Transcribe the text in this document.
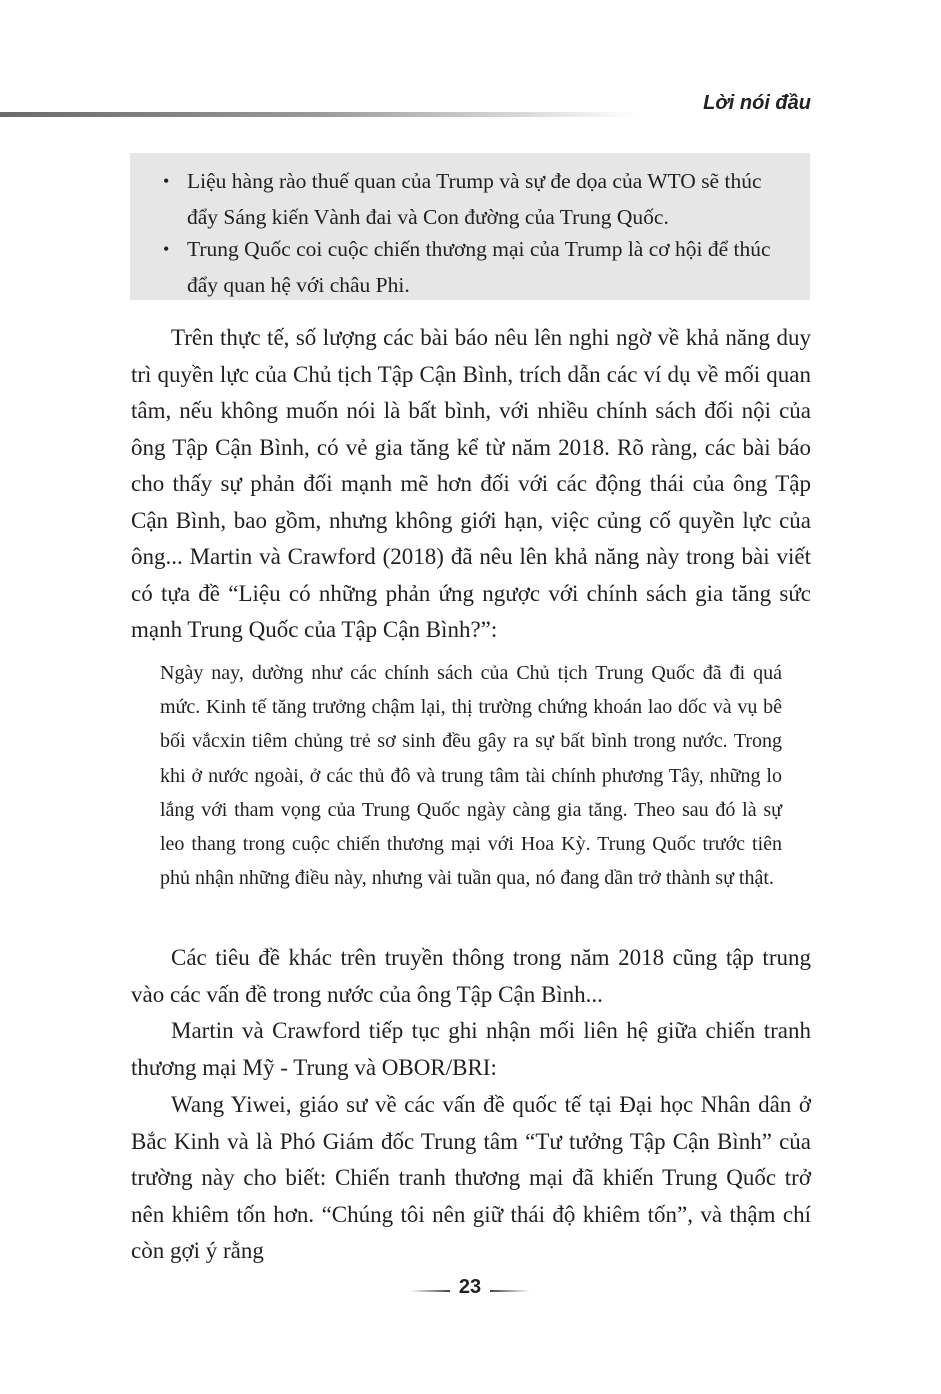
Lời nói đầu
• Liệu hàng rào thuế quan của Trump và sự đe dọa của WTO sẽ thúc đẩy Sáng kiến Vành đai và Con đường của Trung Quốc.
• Trung Quốc coi cuộc chiến thương mại của Trump là cơ hội để thúc đẩy quan hệ với châu Phi.

Trên thực tế, số lượng các bài báo nêu lên nghi ngờ về khả năng duy trì quyền lực của Chủ tịch Tập Cận Bình, trích dẫn các ví dụ về mối quan tâm, nếu không muốn nói là bất bình, với nhiều chính sách đối nội của ông Tập Cận Bình, có vẻ gia tăng kể từ năm 2018. Rõ ràng, các bài báo cho thấy sự phản đối mạnh mẽ hơn đối với các động thái của ông Tập Cận Bình, bao gồm, nhưng không giới hạn, việc củng cố quyền lực của ông... Martin và Crawford (2018) đã nêu lên khả năng này trong bài viết có tựa đề “Liệu có những phản ứng ngược với chính sách gia tăng sức mạnh Trung Quốc của Tập Cận Bình?”:

Ngày nay, dường như các chính sách của Chủ tịch Trung Quốc đã đi quá mức. Kinh tế tăng trưởng chậm lại, thị trường chứng khoán lao dốc và vụ bê bối vắcxin tiêm chủng trẻ sơ sinh đều gây ra sự bất bình trong nước. Trong khi ở nước ngoài, ở các thủ đô và trung tâm tài chính phương Tây, những lo lắng với tham vọng của Trung Quốc ngày càng gia tăng. Theo sau đó là sự leo thang trong cuộc chiến thương mại với Hoa Kỳ. Trung Quốc trước tiên phủ nhận những điều này, nhưng vài tuần qua, nó đang dần trở thành sự thật.

Các tiêu đề khác trên truyền thông trong năm 2018 cũng tập trung vào các vấn đề trong nước của ông Tập Cận Bình...

Martin và Crawford tiếp tục ghi nhận mối liên hệ giữa chiến tranh thương mại Mỹ - Trung và OBOR/BRI:

Wang Yiwei, giáo sư về các vấn đề quốc tế tại Đại học Nhân dân ở Bắc Kinh và là Phó Giám đốc Trung tâm “Tư tưởng Tập Cận Bình” của trường này cho biết: Chiến tranh thương mại đã khiến Trung Quốc trở nên khiêm tốn hơn. “Chúng tôi nên giữ thái độ khiêm tốn”, và thậm chí còn gợi ý rằng

23
